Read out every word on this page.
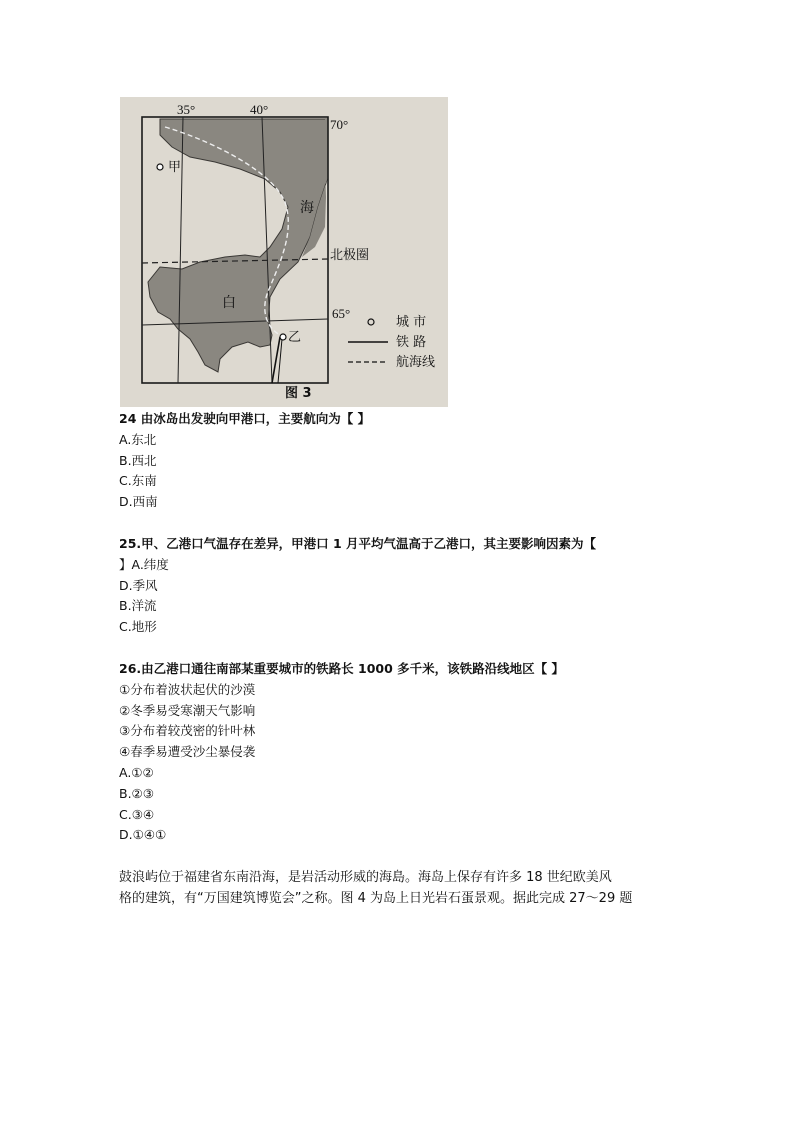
35°	40°
70°
65°
甲
乙
海
白
北极圈
城 市
铁 路
航海线
图 3
24 由冰岛出发驶向甲港口，主要航向为【 】
A.东北
B.西北
C.东南
D.西南
25.甲、乙港口气温存在差异，甲港口 1 月平均气温高于乙港口，其主要影响因素为【
】A.纬度
D.季风
B.洋流
C.地形
26.由乙港口通往南部某重要城市的铁路长 1000 多千米，该铁路沿线地区【 】
①分布着波状起伏的沙漠
②冬季易受寒潮天气影响
③分布着较茂密的针叶林
④春季易遭受沙尘暴侵袭
A.①②
B.②③
C.③④
D.①④①
鼓浪屿位于福建省东南沿海，是岩活动形威的海島。海岛上保存有许多 18 世纪欧美风
格的建筑，有“万国建筑博览会”之称。图 4 为岛上日光岩石蛋景观。据此完成 27～29 题
